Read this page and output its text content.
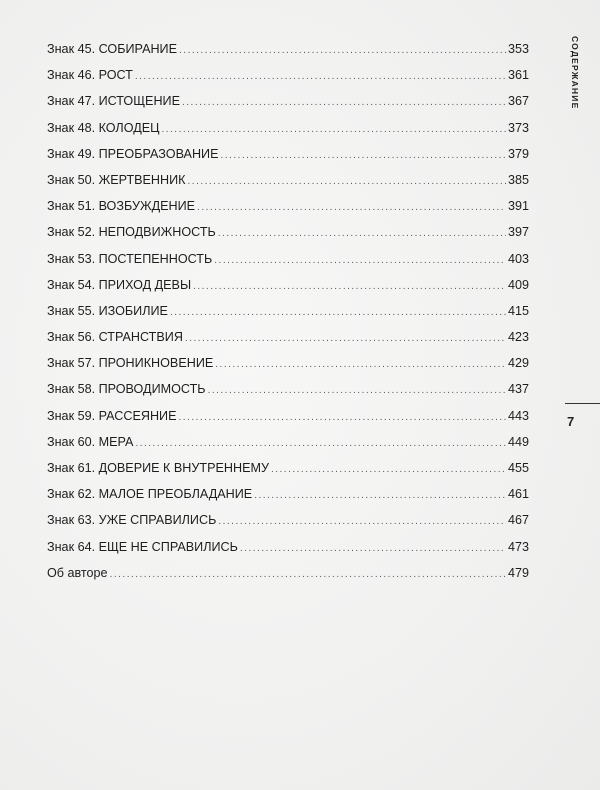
Знак 45. СОБИРАНИЕ .....	353
Знак 46. РОСТ .....	361
Знак 47. ИСТОЩЕНИЕ .....	367
Знак 48. КОЛОДЕЦ .....	373
Знак 49. ПРЕОБРАЗОВАНИЕ .....	379
Знак 50. ЖЕРТВЕННИК .....	385
Знак 51. ВОЗБУЖДЕНИЕ .....	391
Знак 52. НЕПОДВИЖНОСТЬ .....	397
Знак 53. ПОСТЕПЕННОСТЬ .....	403
Знак 54. ПРИХОД ДЕВЫ .....	409
Знак 55. ИЗОБИЛИЕ .....	415
Знак 56. СТРАНСТВИЯ .....	423
Знак 57. ПРОНИКНОВЕНИЕ .....	429
Знак 58. ПРОВОДИМОСТЬ .....	437
Знак 59. РАССЕЯНИЕ .....	443
Знак 60. МЕРА .....	449
Знак 61. ДОВЕРИЕ К ВНУТРЕННЕМУ .....	455
Знак 62. МАЛОЕ ПРЕОБЛАДАНИЕ .....	461
Знак 63. УЖЕ СПРАВИЛИСЬ .....	467
Знак 64. ЕЩЕ НЕ СПРАВИЛИСЬ .....	473
Об авторе .....	479
СОДЕРЖАНИЕ
7
